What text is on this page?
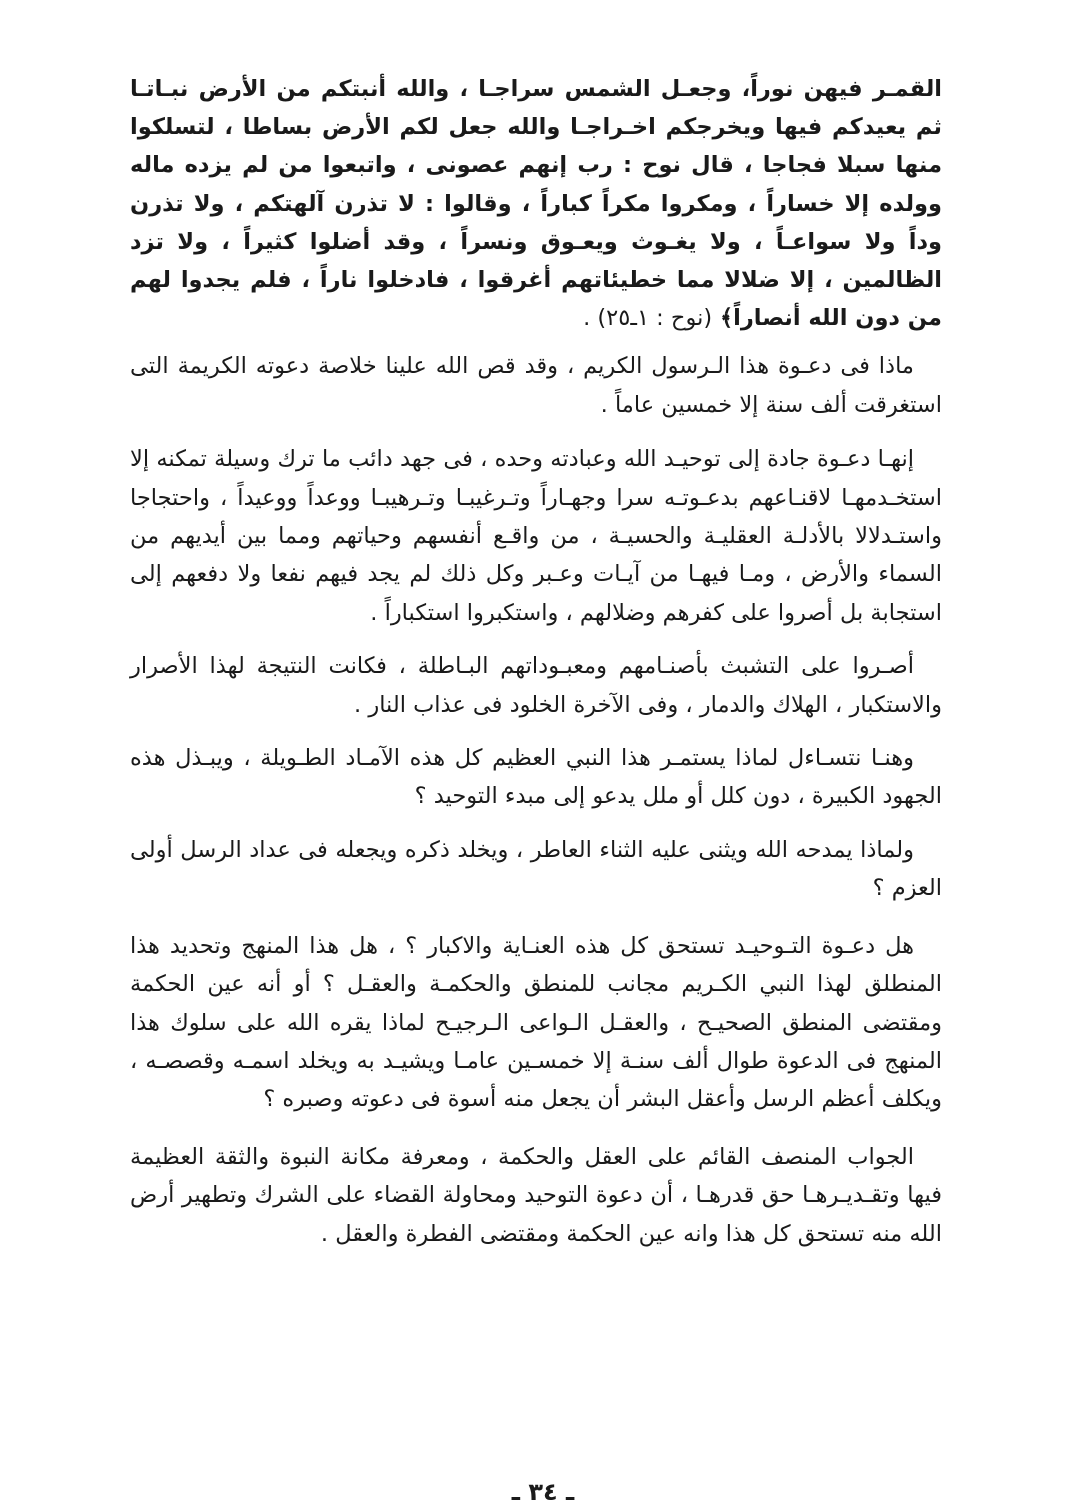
القمـر فيهن نوراً، وجعـل الشمس سراجـا ، والله أنبتكم من الأرض نبـاتـا ثم يعيدكم فيها ويخرجكم اخـراجـا والله جعل لكم الأرض بساطا ، لتسلكوا منها سبلا فجاجا ، قال نوح : رب إنهم عصونى ، واتبعوا من لم يزده ماله وولده إلا خساراً ، ومكروا مكراً كباراً ، وقالوا : لا تذرن آلهتكم ، ولا تذرن وداً ولا سواعـاً ، ولا يغـوث ويعـوق ونسراً ، وقد أضلوا كثيراً ، ولا تزد الظالمين ، إلا ضلالا مما خطيئاتهم أغرقوا ، فادخلوا ناراً ، فلم يجدوا لهم من دون الله أنصاراً﴾ (نوح : ١ـ٢٥) .

ماذا فى دعـوة هذا الـرسول الكريم ، وقد قص الله علينا خلاصة دعوته الكريمة التى استغرقت ألف سنة إلا خمسين عاماً .

إنهـا دعـوة جادة إلى توحيـد الله وعبادته وحده ، فى جهد دائب ما ترك وسيلة تمكنه إلا استخـدمهـا لاقنـاعهم بدعـوتـه سرا وجهـاراً وتـرغيبـا وتـرهيبـا ووعداً ووعيداً ، واحتجاجا واستـدلالا بالأدلـة العقليـة والحسيـة ، من واقـع أنفسهم وحياتهم ومما بين أيديهم من السماء والأرض ، ومـا فيهـا من آيـات وعـبر وكل ذلك لم يجد فيهم نفعا ولا دفعهم إلى استجابة بل أصروا على كفرهم وضلالهم ، واستكبروا استكباراً .

أصـروا على التشبث بأصنـامهم ومعبـوداتهم البـاطلة ، فكانت النتيجة لهذا الأصرار والاستكبار ، الهلاك والدمار ، وفى الآخرة الخلود فى عذاب النار .

وهنـا نتسـاءل لماذا يستمـر هذا النبي العظيم كل هذه الآمـاد الطـويلة ، ويبـذل هذه الجهود الكبيرة ، دون كلل أو ملل يدعو إلى مبدء التوحيد ؟

ولماذا يمدحه الله ويثنى عليه الثناء العاطر ، ويخلد ذكره ويجعله فى عداد الرسل أولى العزم ؟

هل دعـوة التـوحيـد تستحق كل هذه العنـاية والاكبار ؟ ، هل هذا المنهج وتحديد هذا المنطلق لهذا النبي الكـريم مجانب للمنطق والحكمـة والعقـل ؟ أو أنه عين الحكمة ومقتضى المنطق الصحيـح ، والعقـل الـواعى الـرجيـح لماذا يقره الله على سلوك هذا المنهج فى الدعوة طوال ألف سنـة إلا خمسـين عامـا ويشيـد به ويخلد اسمـه وقصصـه ، ويكلف أعظم الرسل وأعقل البشر أن يجعل منه أسوة فى دعوته وصبره ؟

الجواب المنصف القائم على العقل والحكمة ، ومعرفة مكانة النبوة والثقة العظيمة فيها وتقـديـرهـا حق قدرهـا ، أن دعوة التوحيد ومحاولة القضاء على الشرك وتطهير أرض الله منه تستحق كل هذا وانه عين الحكمة ومقتضى الفطرة والعقل .

ـ ٣٤ ـ
